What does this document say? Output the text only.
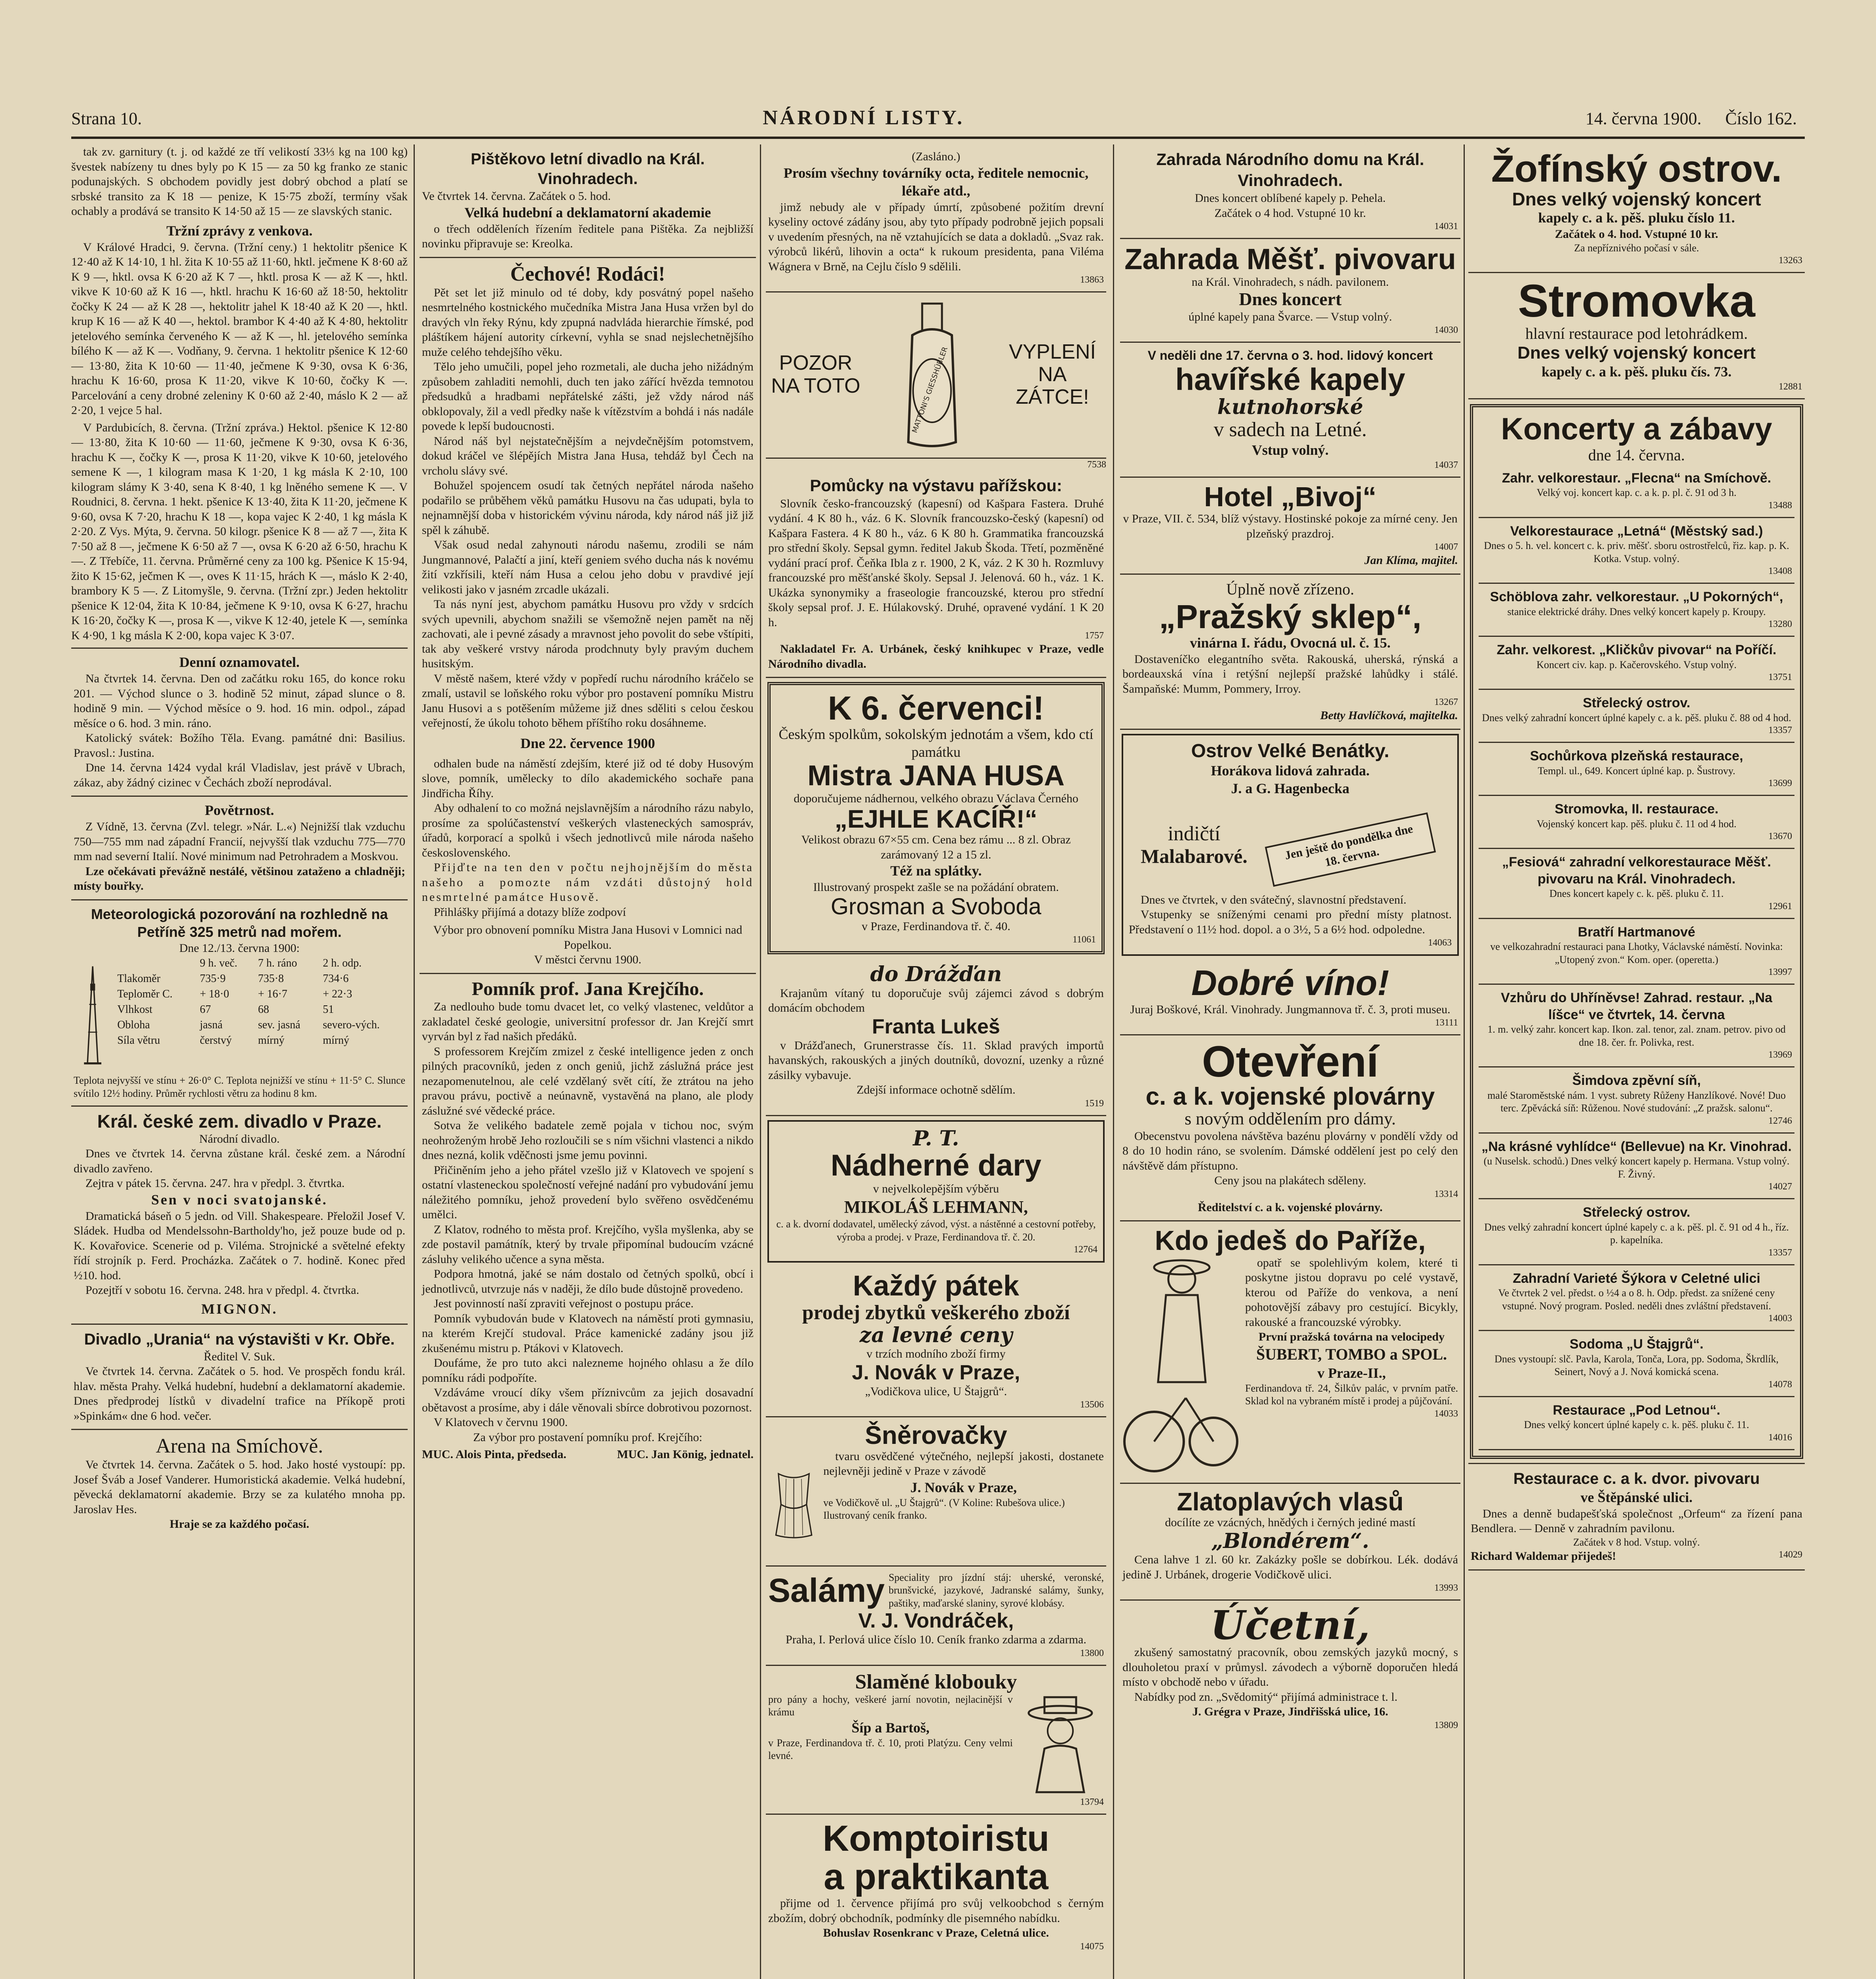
Strana 10.	NÁRODNÍ LISTY.	14. června 1900. Číslo 162.

tak zv. garnitury (t. j. od každé ze tří velikostí 33⅓ kg na 100 kg) švestek nabízeny tu dnes byly po K 15 — za 50 kg franko ze stanic podunajských. S obchodem povidly jest dobrý obchod a platí se srbské transito za K 18 — penize, K 15·75 zboží, termíny však ochably a prodává se transito K 14·50 až 15 — ze slavských stanic.

Tržní zprávy z venkova.

V Králové Hradci, 9. června. (Tržní ceny.) 1 hektolitr pšenice K 12·40 až K 14·10, 1 hl. žita K 10·55 až 11·60, hktl. ječmene K 8·60 až K 9 —, hktl. ovsa K 6·20 až K 7 —, hktl. prosa K — až K —, hktl. vikve K 10·60 až K 16 —, hktl. hrachu K 16·60 až 18·50, hektolitr čočky K 24 — až K 28 —, hektolitr jahel K 18·40 až K 20 —, hktl. krup K 16 — až K 40 —, hektol. brambor K 4·40 až K 4·80, hektolitr jetelového semínka červeného K — až K —, hl. jetelového semínka bílého K — až K —. Vodňany, 9. června. 1 hektolitr pšenice K 12·60 — 13·80, žita K 10·60 — 11·40, ječmene K 9·30, ovsa K 6·36, hrachu K 16·60, prosa K 11·20, vikve K 10·60, čočky K —. Parcelování a ceny drobné zeleniny K 0·60 až 2·40, máslo K 2 — až 2·20, 1 vejce 5 hal.

V Pardubicích, 8. června. (Tržní zpráva.) Hektol. pšenice K 12·80 — 13·80, žita K 10·60 — 11·60, ječmene K 9·30, ovsa K 6·36, hrachu K —, čočky K —, prosa K 11·20, vikve K 10·60, jetelového semene K —, 1 kilogram masa K 1·20, 1 kg másla K 2·10, 100 kilogram slámy K 3·40, sena K 8·40, 1 kg lněného semene K —. V Roudnici, 8. června. 1 hekt. pšenice K 13·40, žita K 11·20, ječmene K 9·60, ovsa K 7·20, hrachu K 18 —, kopa vajec K 2·40, 1 kg másla K 2·20. Z Vys. Mýta, 9. června. 50 kilogr. pšenice K 8 — až 7 —, žita K 7·50 až 8 —, ječmene K 6·50 až 7 —, ovsa K 6·20 až 6·50, hrachu K —. Z Třebíče, 11. června. Průměrné ceny za 100 kg. Pšenice K 15·94, žito K 15·62, ječmen K —, oves K 11·15, hrách K —, máslo K 2·40, brambory K 5 —. Z Litomyšle, 9. června. (Tržní zpr.) Jeden hektolitr pšenice K 12·04, žita K 10·84, ječmene K 9·10, ovsa K 6·27, hrachu K 16·20, čočky K —, prosa K —, vikve K 12·40, jetele K —, semínka K 4·90, 1 kg másla K 2·00, kopa vajec K 3·07.

Denní oznamovatel.

Na čtvrtek 14. června. Den od začátku roku 165, do konce roku 201. — Východ slunce o 3. hodině 52 minut, západ slunce o 8. hodině 9 min. — Východ měsíce o 9. hod. 16 min. odpol., západ měsíce o 6. hod. 3 min. ráno.

Katolický svátek: Božího Těla. Evang. památné dni: Basilius. Pravosl.: Justina.

Dne 14. června 1424 vydal král Vladislav, jest právě v Ubrach, zákaz, aby žádný cizinec v Čechách zboží neprodával.

Povětrnost.

Z Vídně, 13. června (Zvl. telegr. »Nár. L.«) Nejnižší tlak vzduchu 750—755 mm nad západní Francií, nejvyšší tlak vzduchu 775—770 mm nad severní Italií. Nové minimum nad Petrohradem a Moskvou.

Lze očekávati převážně nestálé, většinou zataženo a chladněji; místy bouřky.

Meteorologická pozorování na rozhledně na Petříně 325 metrů nad mořem.

Dne 12./13. června 1900:

	9 h. več.	7 h. ráno	2 h. odp.
Tlakoměr	735·9	735·8	734·6
Teploměr C.	+ 18·0	+ 16·7	+ 22·3
Vlhkost	67	68	51
Obloha	jasná	sev. jasná	severo-vých.
Síla větru	čerstvý	mírný	mírný

Teplota nejvyšší ve stínu + 26·0° C. Teplota nejnižší ve stínu + 11·5° C. Slunce svítilo 12½ hodiny. Průměr rychlosti větru za hodinu 8 km.

Král. české zem. divadlo v Praze.

Národní divadlo.

Dnes ve čtvrtek 14. června zůstane král. české zem. a Národní divadlo zavřeno.

Zejtra v pátek 15. června. 247. hra v předpl. 3. čtvrtka.

Sen v noci svatojanské.

Dramatická báseň o 5 jedn. od Vill. Shakespeare. Přeložil Josef V. Sládek. Hudba od Mendelssohn-Bartholdy'ho, jež pouze bude od p. K. Kovařovice. Scenerie od p. Viléma. Strojnické a světelné efekty řídí strojník p. Ferd. Procházka. Začátek o 7. hodině. Konec před ½10. hod.

Pozejtří v sobotu 16. června. 248. hra v předpl. 4. čtvrtka.

MIGNON.

Divadlo „Urania“ na výstavišti v Kr. Obře.

Ředitel V. Suk.

Ve čtvrtek 14. června. Začátek o 5. hod. Ve prospěch fondu král. hlav. města Prahy. Velká hudební, hudební a deklamatorní akademie. Dnes předprodej lístků v divadelní trafice na Příkopě proti »Spinkám« dne 6 hod. večer.

Arena na Smíchově.

Ve čtvrtek 14. června. Začátek o 5. hod. Jako hosté vystoupí: pp. Josef Šváb a Josef Vanderer. Humoristická akademie. Velká hudební, pěvecká deklamatorní akademie. Brzy se za kulatého mnoha pp. Jaroslav Hes.

Hraje se za každého počasí.

Pištěkovo letní divadlo na Král. Vinohradech.

Ve čtvrtek 14. června. Začátek o 5. hod.

Velká hudební a deklamatorní akademie

o třech odděleních řízením ředitele pana Pištěka. Za nejbližší novinku připravuje se: Kreolka.

Čechové! Rodáci!

Pět set let již minulo od té doby, kdy posvátný popel našeho nesmrtelného kostnického mučedníka Mistra Jana Husa vržen byl do dravých vln řeky Rýnu, kdy zpupná nadvláda hierarchie římské, pod pláštíkem hájení autority církevní, vyhla se snad nejslechetnějšího muže celého tehdejšího věku.

Tělo jeho umučili, popel jeho rozmetali, ale ducha jeho nižádným způsobem zahladiti nemohli, duch ten jako zářící hvězda temnotou předsudků a hradbami nepřátelské zášti, jež vždy národ náš obklopovaly, žil a vedl předky naše k vítězstvím a bohdá i nás nadále povede k lepší budoucnosti.

Národ náš byl nejstatečnějším a nejvdečnějším potomstvem, dokud kráčel ve šlépějích Mistra Jana Husa, tehdáž byl Čech na vrcholu slávy své.

Bohužel spojencem osudí tak četných nepřátel národa našeho podařilo se průběhem věků památku Husovu na čas udupati, byla to nejnamnější doba v historickém vývinu národa, kdy národ náš již již spěl k záhubě.

Však osud nedal zahynouti národu našemu, zrodili se nám Jungmannové, Palačtí a jiní, kteří geniem svého ducha nás k novému žití vzkřísili, kteří nám Husa a celou jeho dobu v pravdivé její velikosti jako v jasném zrcadle ukázali.

Ta nás nyní jest, abychom památku Husovu pro vždy v srdcích svých upevnili, abychom snažili se všemožně nejen pamět na něj zachovati, ale i pevné zásady a mravnost jeho povolit do sebe vštípiti, tak aby veškeré vrstvy národa prodchnuty byly pravým duchem husitským.

V městě našem, které vždy v popředí ruchu národního kráčelo se zmalí, ustavil se loňského roku výbor pro postavení pomníku Mistru Janu Husovi a s potěšením můžeme již dnes sděliti s celou českou veřejností, že úkolu tohoto během příštího roku dosáhneme.

Dne 22. července 1900

odhalen bude na náměstí zdejším, které již od té doby Husovým slove, pomník, umělecky to dílo akademického sochaře pana Jindřicha Říhy.

Aby odhalení to co možná nejslavnějším a národního rázu nabylo, prosíme za spolúčastenství veškerých vlasteneckých samospráv, úřadů, korporací a spolků i všech jednotlivců mile národa našeho československého.

Přijďte na ten den v počtu nejhojnějším do města našeho a pomozte nám vzdáti důstojný hold nesmrtelné památce Husově.

Přihlášky přijímá a dotazy blíže zodpoví

Výbor pro obnovení pomníku Mistra Jana Husovi v Lomnici nad Popelkou.

V městci červnu 1900.

Pomník prof. Jana Krejčího.

Za nedlouho bude tomu dvacet let, co velký vlastenec, veldůtor a zakladatel české geologie, universitní professor dr. Jan Krejčí smrt vyrván byl z řad našich předáků.

S professorem Krejčím zmizel z české intelligence jeden z onch pilných pracovníků, jeden z onch geniů, jichž záslužná práce jest nezapomenutelnou, ale celé vzdělaný svět cítí, že ztrátou na jeho pravou právu, poctivě a neúnavně, vystavěná na plano, ale plody záslužné své vědecké práce.

Sotva že velikého badatele země pojala v tichou noc, svým neohroženým hrobě Jeho rozloučili se s ním všichni vlastenci a nikdo dnes nezná, kolik vděčnosti jsme jemu povinni.

Přičiněním jeho a jeho přátel vzešlo již v Klatovech ve spojení s ostatní vlasteneckou společností veřejné nadání pro vybudování jemu náležitého pomníku, jehož provedení bylo svěřeno osvědčenému umělci.

Z Klatov, rodného to města prof. Krejčího, vyšla myšlenka, aby se zde postavil památník, který by trvale připomínal budoucím vzácné zásluhy velikého učence a syna města.

Podpora hmotná, jaké se nám dostalo od četných spolků, obcí i jednotlivců, utvrzuje nás v naději, že dílo bude důstojně provedeno.

Jest povinností naší zpraviti veřejnost o postupu práce.

Pomník vybudován bude v Klatovech na náměstí proti gymnasiu, na kterém Krejčí studoval. Práce kamenické zadány jsou již zkušenému mistru p. Ptákovi v Klatovech.

Doufáme, že pro tuto akci nalezneme hojného ohlasu a že dílo pomníku rádi podpoříte.

Vzdáváme vroucí díky všem příznivcům za jejich dosavadní obětavost a prosíme, aby i dále věnovali sbírce dobrotivou pozornost.

V Klatovech v červnu 1900.

Za výbor pro postavení pomníku prof. Krejčího:

MUC. Alois Pinta, předseda.	MUC. Jan König, jednatel.

(Zasláno.)

Prosím všechny továrníky octa, ředitele nemocnic, lékaře atd.,

jimž nebudy ale v případy úmrtí, způsobené požitím drevní kyseliny octové zádány jsou, aby tyto případy podrobně jejich popsali v uvedením přesných, na ně vztahujících se data a dokladů. „Svaz rak. výrobců likérů, lihovin a octa“ k rukoum presidenta, pana Viléma Wágnera v Brně, na Cejlu číslo 9 sdělili.

13863

POZOR NA TOTO	MATTONI'S GIESSHÜBLER	VYPLENÍ NA ZÁTCE!

7538

Pomůcky na výstavu pařížskou:

Slovník česko-francouzský (kapesní) od Kašpara Fastera. Druhé vydání. 4 K 80 h., váz. 6 K. Slovník francouzsko-český (kapesní) od Kašpara Fastera. 4 K 80 h., váz. 6 K 80 h. Grammatika francouzská pro střední školy. Sepsal gymn. ředitel Jakub Škoda. Třetí, pozměněné vydání prací prof. Čeňka Ibla z r. 1900, 2 K, váz. 2 K 30 h. Rozmluvy francouzské pro měšťanské školy. Sepsal J. Jelenová. 60 h., váz. 1 K. Ukázka synonymiky a fraseologie francouzské, kterou pro střední školy sepsal prof. J. E. Húlakovský. Druhé, opravené vydání. 1 K 20 h.

1757

Nakladatel Fr. A. Urbánek, český knihkupec v Praze, vedle Národního divadla.

K 6. červenci!

Českým spolkům, sokolským jednotám a všem, kdo ctí památku

Mistra JANA HUSA

doporučujeme nádhernou, velkého obrazu Václava Černého

„EJHLE KACÍŘ!“

Velikost obrazu 67×55 cm. Cena bez rámu ... 8 zl. Obraz zarámovaný 12 a 15 zl.

Též na splátky.

Illustrovaný prospekt zašle se na požádání obratem.

Grosman a Svoboda

v Praze, Ferdinandova tř. č. 40.

11061

do Drážďan

Krajanům vítaný tu doporučuje svůj zájemci závod s dobrým domácím obchodem

Franta Lukeš

v Drážďanech, Grunerstrasse čís. 11. Sklad pravých importů havanských, rakouských a jiných doutníků, dovozní, uzenky a různé zásilky vybavuje.

Zdejší informace ochotně sdělím.

1519

P. T.

Nádherné dary

v nejvelkolepějším výběru

MIKOLÁŠ LEHMANN,

c. a k. dvorní dodavatel, umělecký závod, výst. a nástěnné a cestovní potřeby, výroba a prodej. v Praze, Ferdinandova tř. č. 20.

12764

Každý pátek

prodej zbytků veškerého zboží

za levné ceny

v trzích modního zboží firmy

J. Novák v Praze,

„Vodičkova ulice, U Štajgrů“.

13506

Šněrovačky

tvaru osvědčené výtečného, nejlepší jakosti, dostanete nejlevněji jedině v Praze v závodě

J. Novák v Praze,

ve Vodičkově ul. „U Štajgrů“. (V Koline: Rubešova ulice.)

Ilustrovaný ceník franko.

Salámy Speciality pro jízdní stáj: uherské, veronské, brunšvické, jazykové, Jadranské salámy, šunky, paštiky, maďarské slaniny, syrové klobásy.

V. J. Vondráček,

Praha, I. Perlová ulice číslo 10. Ceník franko zdarma a zdarma.

13800

Slaměné klobouky

pro pány a hochy, veškeré jarní novotin, nejlacinější v krámu

Šíp a Bartoš,

v Praze, Ferdinandova tř. č. 10, proti Platýzu. Ceny velmi levné.

13794

Komptoiristu

a praktikanta

přijme od 1. července přijímá pro svůj velkoobchod s černým zbožím, dobrý obchodník, podmínky dle pisemného nabídku.

Bohuslav Rosenkranc v Praze, Celetná ulice.

14075

Zahrada Národního domu na Král. Vinohradech.

Dnes koncert oblíbené kapely p. Pehela.

Začátek o 4 hod. Vstupné 10 kr.

14031

Zahrada Měšť. pivovaru

na Král. Vinohradech, s nádh. pavilonem.

Dnes koncert

úplné kapely pana Švarce. — Vstup volný.

14030

V neděli dne 17. června o 3. hod. lidový koncert

havířské kapely

kutnohorské

v sadech na Letné.

Vstup volný.

14037

Hotel „Bivoj“

v Praze, VII. č. 534, blíž výstavy. Hostinské pokoje za mírné ceny. Jen plzeňský prazdroj.

14007

Jan Klíma, majitel.

Úplně nově zřízeno.

„Pražský sklep“,

vinárna I. řádu, Ovocná ul. č. 15.

Dostaveníčko elegantního světa. Rakouská, uherská, rýnská a bordeauxská vína i retýšní nejlepší pražské lahůdky i stálé. Šampaňské: Mumm, Pommery, Irroy.

13267

Betty Havlíčková, majitelka.

Ostrov Velké Benátky.

Horákova lidová zahrada.

J. a G. Hagenbecka

indičtí

Malabarové.	Jen ještě do pondělka dne 18. června.

Dnes ve čtvrtek, v den svátečný, slavnostní představení.

Vstupenky se sníženými cenami pro přední místy platnost. Představení o 11½ hod. dopol. a o 3½, 5 a 6½ hod. odpoledne.

14063

Dobré víno!

Juraj Boškové, Král. Vinohrady. Jungmannova tř. č. 3, proti museu.

13111

Otevření

c. a k. vojenské plovárny

s novým oddělením pro dámy.

Obecenstvu povolena návštěva bazénu plovárny v pondělí vždy od 8 do 10 hodin ráno, se svolením. Dámské oddělení jest po celý den návštěvě dám přístupno.

Ceny jsou na plakátech sděleny.

13314

Ředitelství c. a k. vojenské plovárny.

Kdo jedeš do Paříže,

opatř se spolehlivým kolem, které ti poskytne jistou dopravu po celé vystavě, kterou od Paříže do venkova, a není pohotovější zábavy pro cestující. Bicykly, rakouské a francouzské výrobky.

První pražská továrna na velocipedy

ŠUBERT, TOMBO a SPOL.

v Praze-II.,

Ferdinandova tř. 24, Šilkův palác, v prvním patře. Sklad kol na vybraném místě i prodej a půjčování.

14033

Zlatoplavých vlasů

docílíte ze vzácných, hnědých i černých jediné mastí

„Blondérem“.

Cena lahve 1 zl. 60 kr. Zakázky pošle se dobírkou. Lék. dodává jedině J. Urbánek, drogerie Vodičkově ulici.

13993

Účetní,

zkušený samostatný pracovník, obou zemských jazyků mocný, s dlouholetou praxí v průmysl. závodech a výborně doporučen hledá místo v obchodě nebo v úřadu.

Nabídky pod zn. „Svědomitý“ přijímá administrace t. l.

J. Grégra v Praze, Jindřišská ulice, 16.

13809

Žofínský ostrov.

Dnes velký vojenský koncert

kapely c. a k. pěš. pluku číslo 11.

Začátek o 4. hod. Vstupné 10 kr.

Za nepříznivého počasí v sále.

13263

Stromovka

hlavní restaurace pod letohrádkem.

Dnes velký vojenský koncert

kapely c. a k. pěš. pluku čís. 73.

12881

Koncerty a zábavy

dne 14. června.

Zahr. velkorestaur. „Flecna“ na Smíchově.

Velký voj. koncert kap. c. a k. p. pl. č. 91 od 3 h.

13488

Velkorestaurace „Letná“ (Městský sad.)

Dnes o 5. h. vel. koncert c. k. priv. měšť. sboru ostrostřelců, řiz. kap. p. K. Kotka. Vstup. volný.

13408

Schöblova zahr. velkorestaur. „U Pokorných“,

stanice elektrické dráhy. Dnes velký koncert kapely p. Kroupy.

13280

Zahr. velkorest. „Kličkův pivovar“ na Poříčí.

Koncert civ. kap. p. Kačerovského. Vstup volný.

13751

Střelecký ostrov.

Dnes velký zahradní koncert úplné kapely c. a k. pěš. pluku č. 88 od 4 hod.

13357

Sochůrkova plzeňská restaurace,

Templ. ul., 649. Koncert úplné kap. p. Šustrovy.

13699

Stromovka, II. restaurace.

Vojenský koncert kap. pěš. pluku č. 11 od 4 hod.

13670

„Fesiová“ zahradní velkorestaurace Měšť. pivovaru na Král. Vinohradech.

Dnes koncert kapely c. k. pěš. pluku č. 11.

12961

Bratří Hartmanové

ve velkozahradní restauraci pana Lhotky, Václavské náměstí. Novinka: „Utopený zvon.“ Kom. oper. (operetta.)

13997

Vzhůru do Uhříněvse! Zahrad. restaur. „Na líšce“ ve čtvrtek, 14. června

1. m. velký zahr. koncert kap. Ikon. zal. tenor, zal. znam. petrov. pivo od dne 18. čer. fr. Polivka, rest.

13969

Šimdova zpěvní síň,

malé Staroměstské nám. 1 vyst. subrety Růženy Hanzlíkové. Nové! Duo terc. Zpěvácká síň: Růženou. Nové studování: „Z pražsk. salonu“.

12746

„Na krásné vyhlídce“ (Bellevue) na Kr. Vinohrad.

(u Nuselsk. schodů.) Dnes velký koncert kapely p. Hermana. Vstup volný. F. Živný.

14027

Střelecký ostrov.

Dnes velký zahradní koncert úplné kapely c. a k. pěš. pl. č. 91 od 4 h., říz. p. kapelníka.

13357

Zahradní Varieté Šýkora v Celetné ulici

Ve čtvrtek 2 vel. předst. o ½4 a o 8. h. Odp. předst. za snížené ceny vstupné. Nový program. Posled. neděli dnes zvláštní představení.

14003

Sodoma „U Štajgrů“.

Dnes vystoupí: slč. Pavla, Karola, Tonča, Lora, pp. Sodoma, Škrdlík, Seinert, Nový a J. Nová komická scena.

14078

Restaurace „Pod Letnou“.

Dnes velký koncert úplné kapely c. k. pěš. pluku č. 11.

14016

Restaurace c. a k. dvor. pivovaru

ve Štěpánské ulici.

Dnes a denně budapešťská společnost „Orfeum“ za řízení pana Bendlera. — Denně v zahradním pavilonu.

Začátek v 8 hod. Vstup. volný.

Richard Waldemar přijedeš!	14029
